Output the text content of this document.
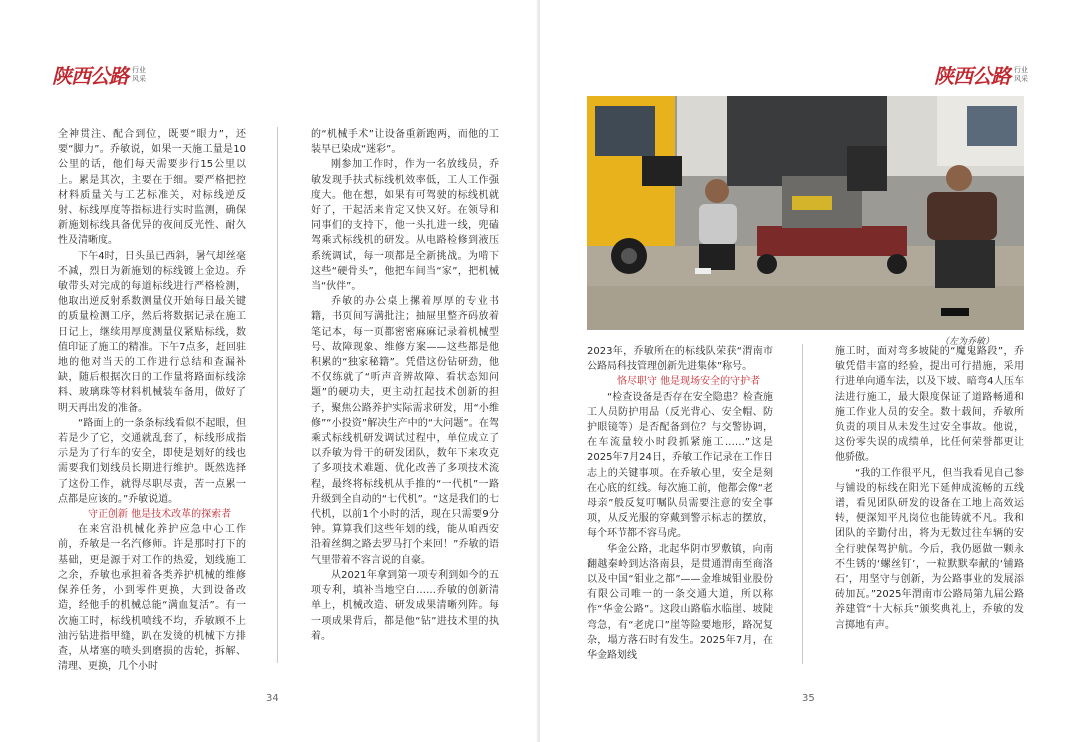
陕西公路 行业
风采

全神贯注、配合到位，既要“眼力”，还要“脚力”。乔敏说，如果一天施工量是10公里的话，他们每天需要步行15公里以上。累是其次，主要在于细。要严格把控材料质量关与工艺标准关，对标线逆反射、标线厚度等指标进行实时监测，确保新施划标线具备优异的夜间反光性、耐久性及清晰度。

下午4时，日头虽已西斜，暑气却丝毫不减，烈日为新施划的标线镀上金边。乔敏带头对完成的每道标线进行严格检测，他取出逆反射系数测量仪开始每日最关键的质量检测工序，然后将数据记录在施工日记上，继续用厚度测量仪紧贴标线，数值印证了施工的精准。下午7点多，赶回驻地的他对当天的工作进行总结和查漏补缺，随后根据次日的工作量将路面标线涂料、玻璃珠等材料机械装车备用，做好了明天再出发的准备。

“路面上的一条条标线看似不起眼，但若是少了它，交通就乱套了，标线形成指示是为了行车的安全，即使是划好的线也需要我们划线员长期进行维护。既然选择了这份工作，就得尽职尽责，苦一点累一点都是应该的。”乔敏说道。

守正创新 他是技术改革的探索者

在来宫沿机械化养护应急中心工作前，乔敏是一名汽修师。许是那时打下的基础，更是源于对工作的热爱，划线施工之余，乔敏也承担着各类养护机械的维修保养任务，小到零件更换，大到设备改造，经他手的机械总能“满血复活”。有一次施工时，标线机喷线不均，乔敏顾不上油污钻进指甲缝，趴在发烫的机械下方排查，从堵塞的喷头到磨损的齿轮，拆解、清理、更换，几个小时

的“机械手术”让设备重新跑两，而他的工装早已染成“迷彩”。

刚参加工作时，作为一名放线员，乔敏发现手扶式标线机效率低，工人工作强度大。他在想，如果有可驾驶的标线机就好了，干起活来肯定又快又好。在领导和同事们的支持下，他一头扎进一线，兜磕驾乘式标线机的研发。从电路检修到液压系统调试，每一项都是全新挑战。为啃下这些“硬骨头”，他把车间当“家”，把机械当“伙伴”。

乔敏的办公桌上摞着厚厚的专业书籍，书页间写满批注；抽屉里整齐码放着笔记本，每一页都密密麻麻记录着机械型号、故障现象、维修方案——这些都是他积累的“独家秘籍”。凭借这份钻研劲，他不仅练就了“听声音辨故障、看状态知问题”的硬功夫，更主动扛起技术创新的担子，聚焦公路养护实际需求研发，用“小维修”“小投资”解决生产中的“大问题”。在驾乘式标线机研发调试过程中，单位成立了以乔敏为骨干的研发团队，数年下来攻克了多项技术难题、优化改善了多项技术流程，最终将标线机从手推的“一代机”一路升级到全自动的“七代机”。“这是我们的七代机，以前1个小时的活，现在只需要9分钟。算算我们这些年划的线，能从咱西安沿着丝绸之路去罗马打个来回！”乔敏的语气里带着不容言说的自豪。

从2021年拿到第一项专利到如今的五项专利，填补当地空白……乔敏的创新清单上，机械改造、研发成果清晰列阵。每一项成果背后，都是他“钻”进技术里的执着。

34
陕西公路 行业
风采
35
（左为乔敏）

2023年，乔敏所在的标线队荣获“渭南市公路局科技管理创新先进集体”称号。

恪尽职守 他是现场安全的守护者

“检查设备是否存在安全隐患？检查施工人员防护用品（反光背心、安全帽、防护眼镜等）是否配备到位？与交警协调，在车流量较小时段抓紧施工……”这是2025年7月24日，乔敏工作记录在工作日志上的关键事项。在乔敏心里，安全是刻在心底的红线。每次施工前，他都会像“老母亲”般反复叮嘱队员需要注意的安全事项，从反光服的穿戴到警示标志的摆放，每个环节都不容马虎。

华金公路，北起华阴市罗敷镇，向南翻越秦岭到达洛南县，是贯通渭南至商洛以及中国“钼业之都”——金堆城钼业股份有限公司唯一的一条交通大道，所以称作“华金公路”。这段山路临水临崖、坡陡弯急，有“老虎口”崖等险要地形，路况复杂，塌方落石时有发生。2025年7月，在华金路划线

施工时，面对弯多坡陡的“魔鬼路段”，乔敏凭借丰富的经验，提出可行措施，采用行进单向通车法，以及下坡、暗弯4人压车法进行施工，最大限度保证了道路畅通和施工作业人员的安全。数十载间，乔敏所负责的项目从未发生过安全事故。他说，这份零失误的成绩单，比任何荣誉都更让他骄傲。

“我的工作很平凡，但当我看见自己参与铺设的标线在阳光下延伸成流畅的五线谱，看见团队研发的设备在工地上高效运转，便深知平凡岗位也能铸就不凡。我和团队的辛勤付出，将为无数过往车辆的安全行驶保驾护航。今后，我仍愿做一颗永不生锈的‘螺丝钉’，一粒默默奉献的‘铺路石’，用坚守与创新，为公路事业的发展添砖加瓦。”2025年渭南市公路局第九届公路养建管“十大标兵”颁奖典礼上，乔敏的发言掷地有声。
